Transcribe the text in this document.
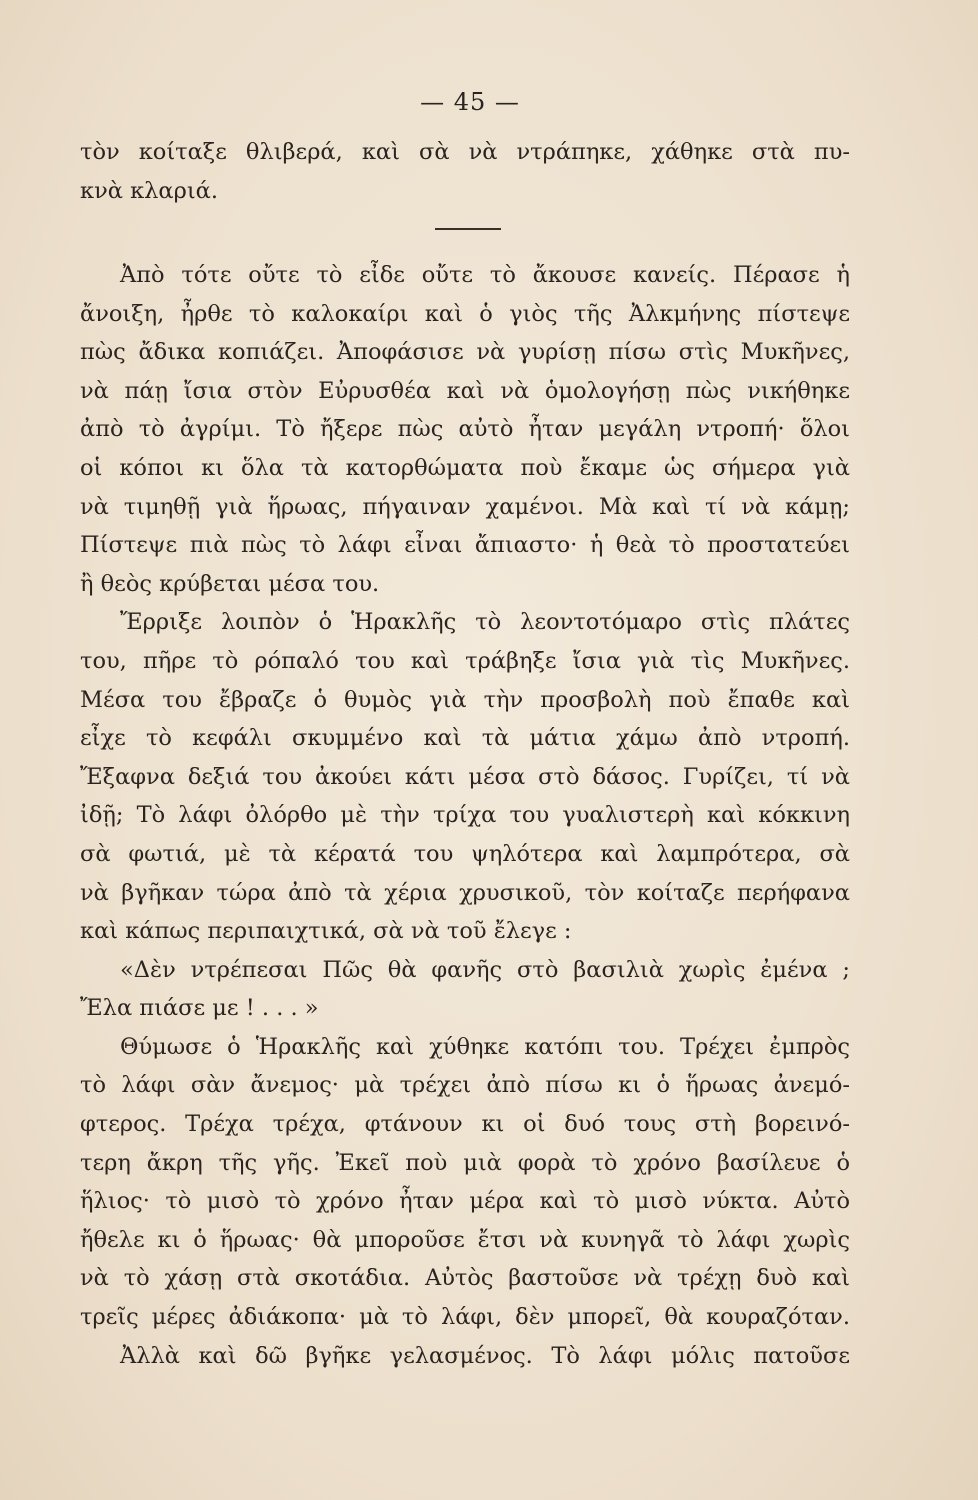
— 45 —
τὸν κοίταξε θλιβερά, καὶ σὰ νὰ ντράπηκε, χάθηκε στὰ πυ-
κνὰ κλαριά.
Ἀπὸ τότε οὔτε τὸ εἶδε οὔτε τὸ ἄκουσε κανείς. Πέρασε ἡ
ἄνοιξη, ἦρθε τὸ καλοκαίρι καὶ ὁ γιὸς τῆς Ἀλκμήνης πίστεψε
πὼς ἄδικα κοπιάζει. Ἀποφάσισε νὰ γυρίσῃ πίσω στὶς Μυκῆνες,
νὰ πάῃ ἴσια στὸν Εὐρυσθέα καὶ νὰ ὁμολογήσῃ πὼς νικήθηκε
ἀπὸ τὸ ἀγρίμι. Τὸ ἤξερε πὼς αὐτὸ ἦταν μεγάλη ντροπή· ὅλοι
οἱ κόποι κι ὅλα τὰ κατορθώματα ποὺ ἔκαμε ὡς σήμερα γιὰ
νὰ τιμηθῇ γιὰ ἥρωας, πήγαιναν χαμένοι. Μὰ καὶ τί νὰ κάμῃ;
Πίστεψε πιὰ πὼς τὸ λάφι εἶναι ἄπιαστο· ἡ θεὰ τὸ προστατεύει
ἢ θεὸς κρύβεται μέσα του.
Ἔρριξε λοιπὸν ὁ Ἡρακλῆς τὸ λεοντοτόμαρο στὶς πλάτες
του, πῆρε τὸ ρόπαλό του καὶ τράβηξε ἴσια γιὰ τὶς Μυκῆνες.
Μέσα του ἔβραζε ὁ θυμὸς γιὰ τὴν προσβολὴ ποὺ ἔπαθε καὶ
εἶχε τὸ κεφάλι σκυμμένο καὶ τὰ μάτια χάμω ἀπὸ ντροπή.
Ἔξαφνα δεξιά του ἀκούει κάτι μέσα στὸ δάσος. Γυρίζει, τί νὰ
ἰδῇ; Τὸ λάφι ὀλόρθο μὲ τὴν τρίχα του γυαλιστερὴ καὶ κόκκινη
σὰ φωτιά, μὲ τὰ κέρατά του ψηλότερα καὶ λαμπρότερα, σὰ
νὰ βγῆκαν τώρα ἀπὸ τὰ χέρια χρυσικοῦ, τὸν κοίταζε περήφανα
καὶ κάπως περιπαιχτικά, σὰ νὰ τοῦ ἔλεγε :
«Δὲν ντρέπεσαι Πῶς θὰ φανῆς στὸ βασιλιὰ χωρὶς ἐμένα ;
Ἔλα πιάσε με ! . . . »
Θύμωσε ὁ Ἡρακλῆς καὶ χύθηκε κατόπι του. Τρέχει ἐμπρὸς
τὸ λάφι σὰν ἄνεμος· μὰ τρέχει ἀπὸ πίσω κι ὁ ἥρωας ἀνεμό-
φτερος. Τρέχα τρέχα, φτάνουν κι οἱ δυό τους στὴ βορεινό-
τερη ἄκρη τῆς γῆς. Ἐκεῖ ποὺ μιὰ φορὰ τὸ χρόνο βασίλευε ὁ
ἥλιος· τὸ μισὸ τὸ χρόνο ἦταν μέρα καὶ τὸ μισὸ νύκτα. Αὐτὸ
ἤθελε κι ὁ ἥρωας· θὰ μποροῦσε ἔτσι νὰ κυνηγᾶ τὸ λάφι χωρὶς
νὰ τὸ χάσῃ στὰ σκοτάδια. Αὐτὸς βαστοῦσε νὰ τρέχῃ δυὸ καὶ
τρεῖς μέρες ἀδιάκοπα· μὰ τὸ λάφι, δὲν μπορεῖ, θὰ κουραζόταν.
Ἀλλὰ καὶ δῶ βγῆκε γελασμένος. Τὸ λάφι μόλις πατοῦσε
